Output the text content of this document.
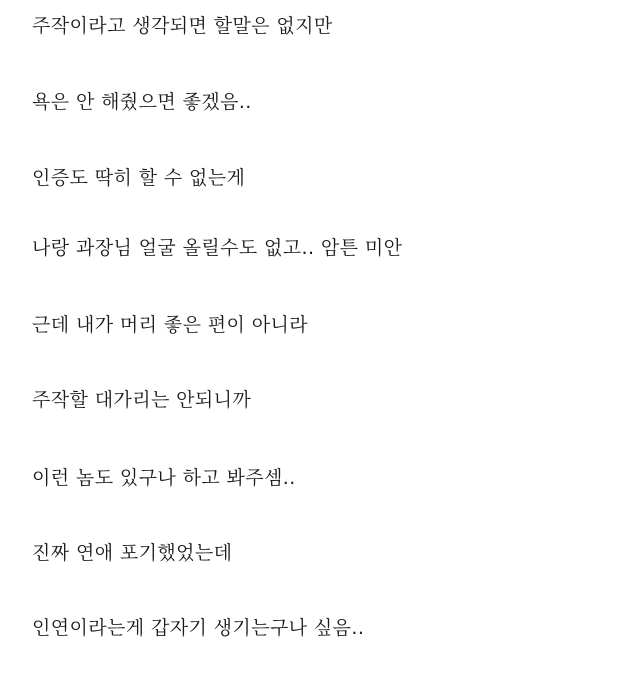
주작이라고 생각되면 할말은 없지만

욕은 안 해줬으면 좋겠음..

인증도 딱히 할 수 없는게

나랑 과장님 얼굴 올릴수도 없고.. 암튼 미안

근데 내가 머리 좋은 편이 아니라

주작할 대가리는 안되니까

이런 놈도 있구나 하고 봐주셈..

진짜 연애 포기했었는데

인연이라는게 갑자기 생기는구나 싶음..
